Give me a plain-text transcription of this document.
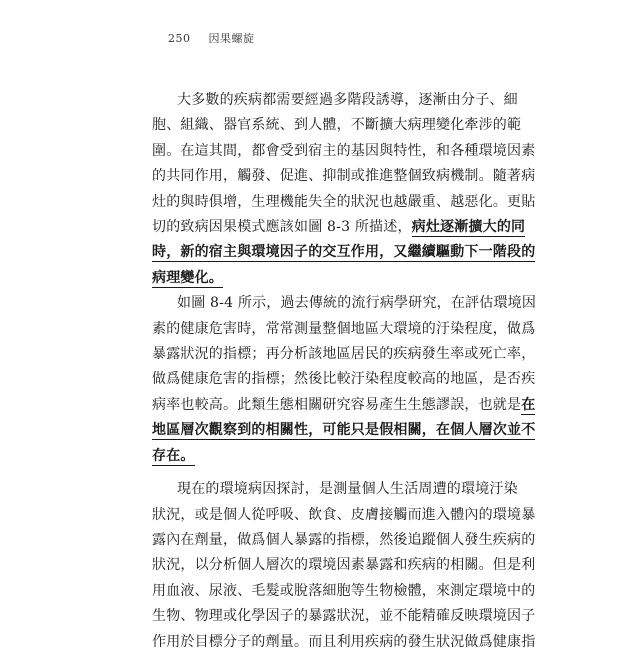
250 因果螺旋
大多數的疾病都需要經過多階段誘導，逐漸由分子、細
胞、組織、器官系統、到人體，不斷擴大病理變化牽涉的範
圍。在這其間，都會受到宿主的基因與特性，和各種環境因素
的共同作用，觸發、促進、抑制或推進整個致病機制。隨著病
灶的與時俱增，生理機能失全的狀況也越嚴重、越惡化。更貼
切的致病因果模式應該如圖 8-3 所描述，病灶逐漸擴大的同
時，新的宿主與環境因子的交互作用，又繼續驅動下一階段的
病理變化。
如圖 8-4 所示，過去傳統的流行病學研究，在評估環境因
素的健康危害時，常常測量整個地區大環境的汙染程度，做爲
暴露狀況的指標；再分析該地區居民的疾病發生率或死亡率，
做爲健康危害的指標；然後比較汙染程度較高的地區，是否疾
病率也較高。此類生態相關研究容易產生生態謬誤，也就是在
地區層次觀察到的相關性，可能只是假相關，在個人層次並不
存在。
現在的環境病因探討，是測量個人生活周遭的環境汙染
狀況，或是個人從呼吸、飲食、皮膚接觸而進入體內的環境暴
露內在劑量，做爲個人暴露的指標，然後追蹤個人發生疾病的
狀況，以分析個人層次的環境因素暴露和疾病的相關。但是利
用血液、尿液、毛髮或脫落細胞等生物檢體，來測定環境中的
生物、物理或化學因子的暴露狀況，並不能精確反映環境因子
作用於目標分子的劑量。而且利用疾病的發生狀況做爲健康指
